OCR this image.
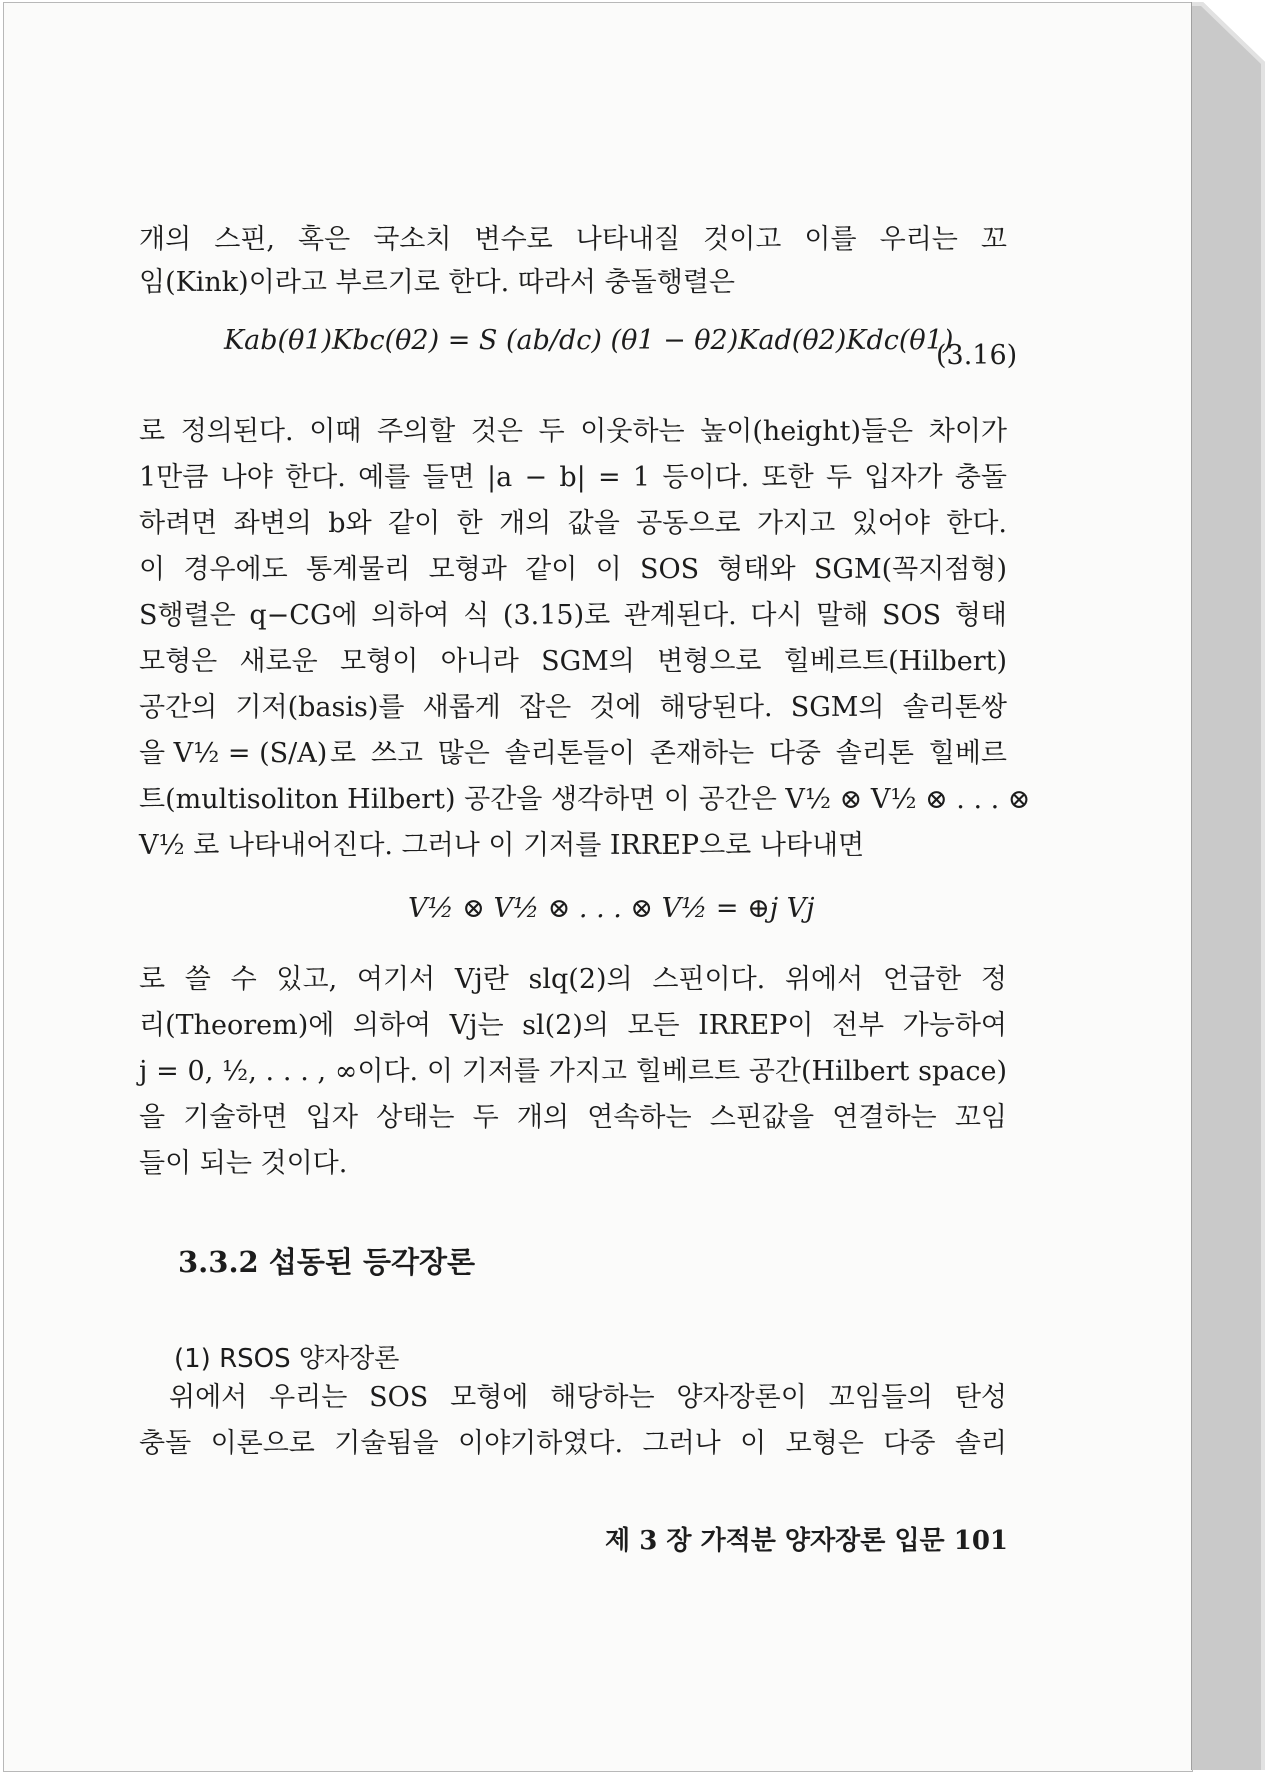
개의 스핀, 혹은 국소치 변수로 나타내질 것이고 이를 우리는 꼬
임(Kink)이라고 부르기로 한다. 따라서 충돌행렬은
Kab(θ1)Kbc(θ2) = S (ab/dc) (θ1 − θ2)Kad(θ2)Kdc(θ1)
(3.16)
로 정의된다. 이때 주의할 것은 두 이웃하는 높이(height)들은 차이가
1만큼 나야 한다. 예를 들면 |a − b| = 1 등이다. 또한 두 입자가 충돌
하려면 좌변의 b와 같이 한 개의 값을 공동으로 가지고 있어야 한다.
이 경우에도 통계물리 모형과 같이 이 SOS 형태와 SGM(꼭지점형)
S행렬은 q−CG에 의하여 식 (3.15)로 관계된다. 다시 말해 SOS 형태
모형은 새로운 모형이 아니라 SGM의 변형으로 힐베르트(Hilbert)
공간의 기저(basis)를 새롭게 잡은 것에 해당된다. SGM의 솔리톤쌍
을 V½ = (S/A) 로 쓰고 많은 솔리톤들이 존재하는 다중 솔리톤 힐베르
트(multisoliton Hilbert) 공간을 생각하면 이 공간은 V½ ⊗ V½ ⊗ . . . ⊗
V½ 로 나타내어진다. 그러나 이 기저를 IRREP으로 나타내면
V½ ⊗ V½ ⊗ . . . ⊗ V½ = ⊕j Vj
로 쓸 수 있고, 여기서 Vj란 slq(2)의 스핀이다. 위에서 언급한 정
리(Theorem)에 의하여 Vj는 sl(2)의 모든 IRREP이 전부 가능하여
j = 0, ½, . . . , ∞이다. 이 기저를 가지고 힐베르트 공간(Hilbert space)
을 기술하면 입자 상태는 두 개의 연속하는 스핀값을 연결하는 꼬임
들이 되는 것이다.
3.3.2 섭동된 등각장론
(1) RSOS 양자장론
위에서 우리는 SOS 모형에 해당하는 양자장론이 꼬임들의 탄성
충돌 이론으로 기술됨을 이야기하였다. 그러나 이 모형은 다중 솔리
제 3 장 가적분 양자장론 입문 101
